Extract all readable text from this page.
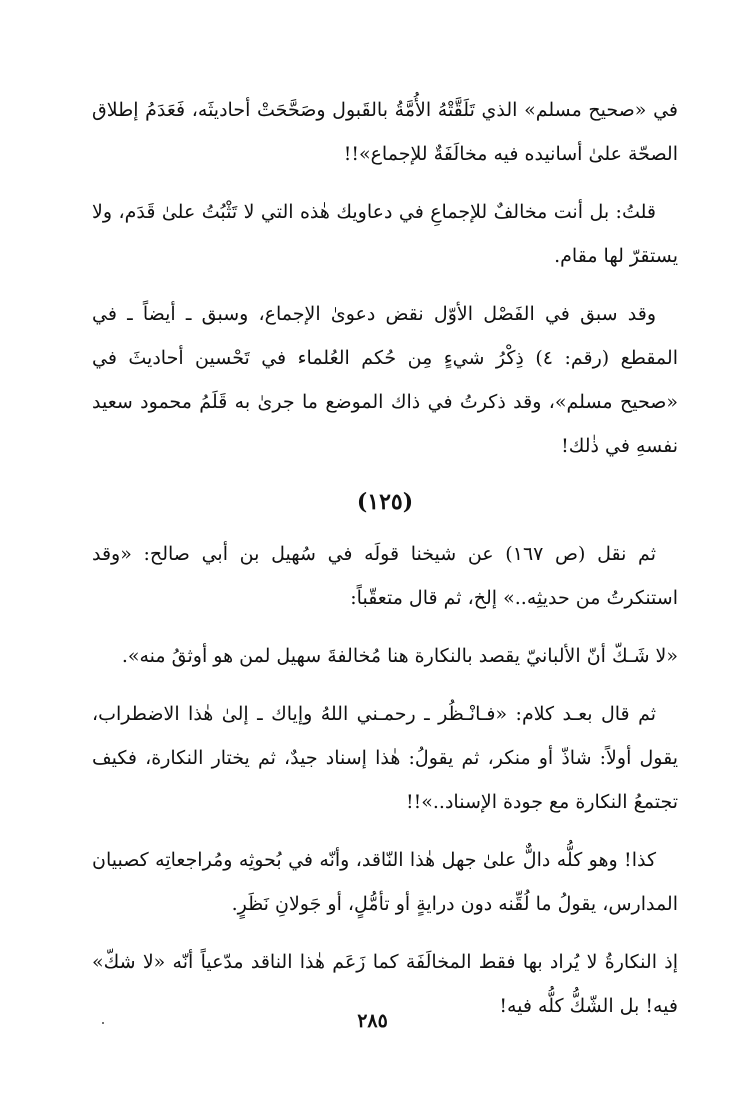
في «صحيح مسلم» الذي تَلَقَّتْهُ الأُمَّةُ بالقَبول وصَحَّحَتْ أحاديثَه، فَعَدَمُ إطلاق الصحّة علىٰ أسانيده فيه مخالَفَةٌ للإجماع»!!

قلتُ: بل أنت مخالفٌ للإجماعِ في دعاويك هٰذه التي لا تَثْبُتُ علىٰ قَدَم، ولا يستقرّ لها مقام.

وقد سبق في الفَصْل الأوّل نقض دعوىٰ الإجماع، وسبق ـ أيضاً ـ في المقطع (رقم: ٤) ذِكْرُ شيءٍ مِن حُكم العُلماء في تَحْسين أحاديثَ في «صحيح مسلم»، وقد ذكرتُ في ذاك الموضع ما جرىٰ به قَلَمُ محمود سعيد نفسهِ في ذٰلك!

(١٢٥)

ثم نقل (ص ١٦٧) عن شيخنا قولَه في سُهيل بن أبي صالح: «وقد استنكرتُ من حديثِه..» إلخ، ثم قال متعقّباً:

«لا شَـكّ أنّ الألبانيّ يقصد بالنكارة هنا مُخالفةَ سهيل لمن هو أوثقُ منه».

ثم قال بعـد كلام: «فـانْـظُر ـ رحمـني اللهُ وإياك ـ إلىٰ هٰذا الاضطراب، يقول أولاً: شاذّ أو منكر، ثم يقولُ: هٰذا إسناد جيدٌ، ثم يختار النكارة، فكيف تجتمعُ النكارة مع جودة الإسناد..»!!

كذا! وهو كلُّه دالٌّ علىٰ جهل هٰذا النّاقد، وأنّه في بُحوثِه ومُراجعاتِه كصبيان المدارس، يقولُ ما لُقِّنه دون درايةٍ أو تأمُّلٍ، أو جَولانِ نَظَرٍ.

إذ النكارةُ لا يُراد بها فقط المخالَفَة كما زَعَم هٰذا الناقد مدّعياً أنّه «لا شكّ» فيه! بل الشّكُّ كلُّه فيه!

٢٨٥
